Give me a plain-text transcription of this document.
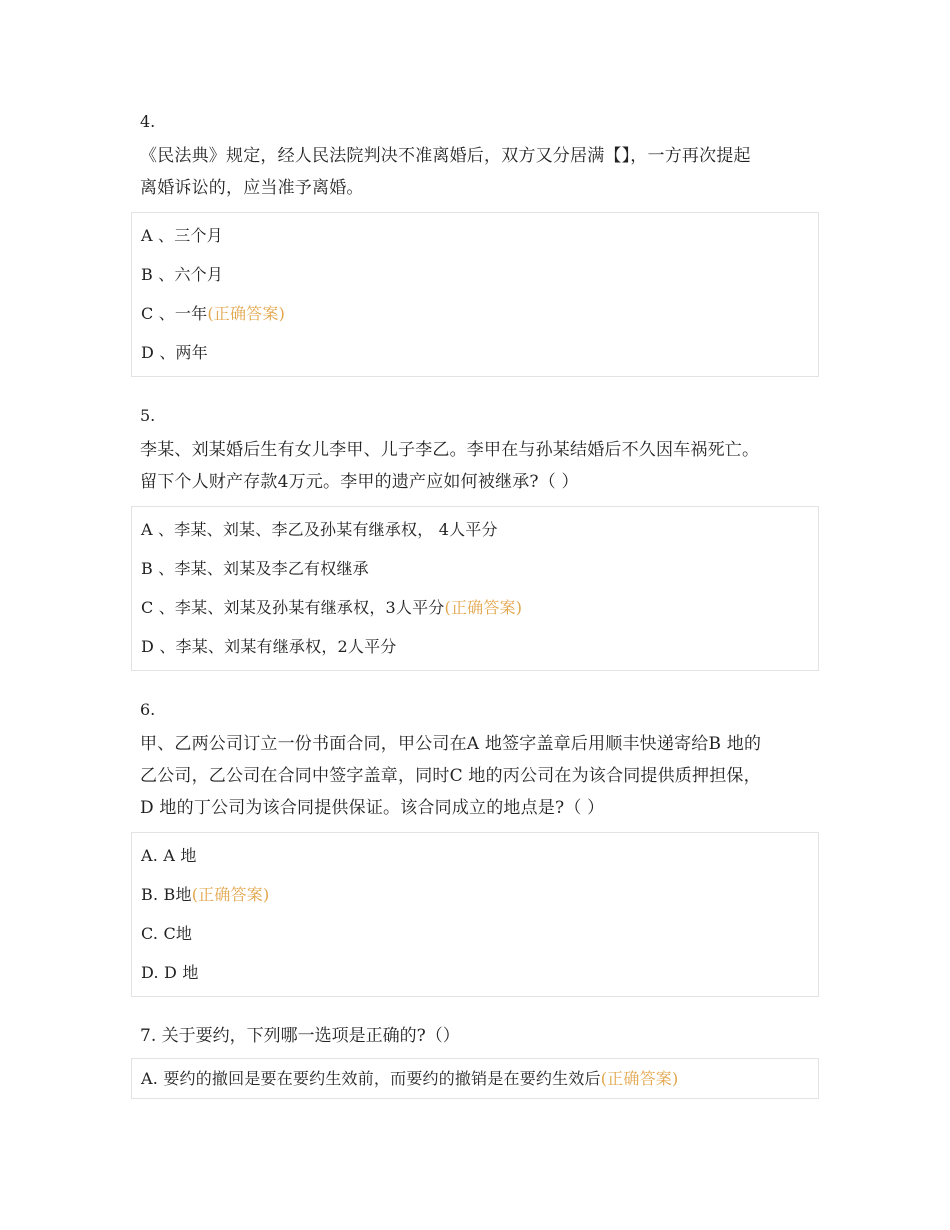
4.
《民法典》规定，经人民法院判决不准离婚后，双方又分居满【】，一方再次提起
离婚诉讼的，应当准予离婚。
A 、三个月
B 、六个月
C 、一年(正确答案)
D 、两年
5.
李某、刘某婚后生有女儿李甲、儿子李乙。李甲在与孙某结婚后不久因车祸死亡。
留下个人财产存款4万元。李甲的遗产应如何被继承?（ ）
A 、李某、刘某、李乙及孙某有继承权， 4人平分
B 、李某、刘某及李乙有权继承
C 、李某、刘某及孙某有继承权，3人平分(正确答案)
D 、李某、刘某有继承权，2人平分
6.
甲、乙两公司订立一份书面合同，甲公司在A 地签字盖章后用顺丰快递寄给B 地的
乙公司，乙公司在合同中签字盖章，同时C 地的丙公司在为该合同提供质押担保，
D 地的丁公司为该合同提供保证。该合同成立的地点是?（ ）
A. A 地
B. B地(正确答案)
C. C地
D. D 地
7. 关于要约，下列哪一选项是正确的?（）
A. 要约的撤回是要在要约生效前，而要约的撤销是在要约生效后(正确答案)
